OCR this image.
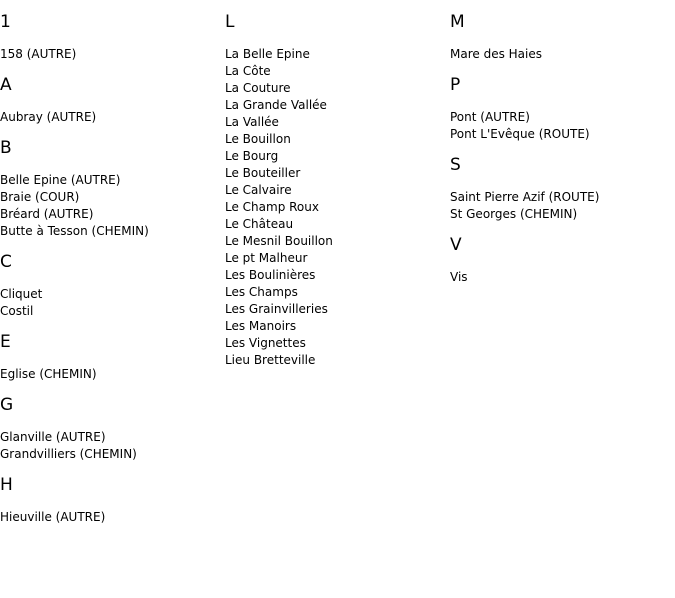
1
158 (AUTRE)
A
Aubray (AUTRE)
B
Belle Epine (AUTRE)
Braie (COUR)
Bréard (AUTRE)
Butte à Tesson (CHEMIN)
C
Cliquet
Costil
E
Eglise (CHEMIN)
G
Glanville (AUTRE)
Grandvilliers (CHEMIN)
H
Hieuville (AUTRE)
L
La Belle Epine
La Côte
La Couture
La Grande Vallée
La Vallée
Le Bouillon
Le Bourg
Le Bouteiller
Le Calvaire
Le Champ Roux
Le Château
Le Mesnil Bouillon
Le pt Malheur
Les Boulinières
Les Champs
Les Grainvilleries
Les Manoirs
Les Vignettes
Lieu Bretteville
M
Mare des Haies
P
Pont (AUTRE)
Pont L'Evêque (ROUTE)
S
Saint Pierre Azif (ROUTE)
St Georges (CHEMIN)
V
Vis
